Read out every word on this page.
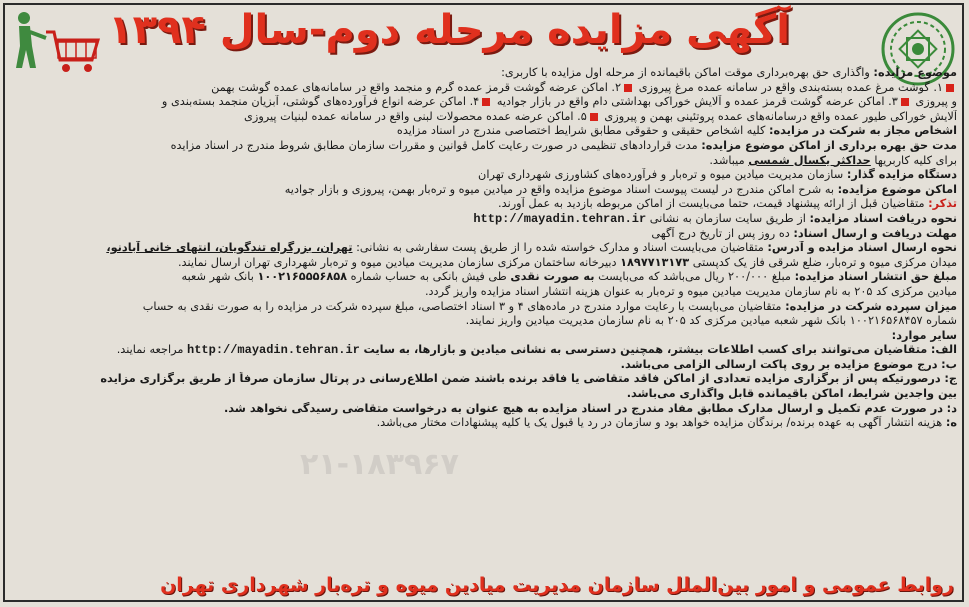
آگهی مزایده مرحله دوم-سال ۱۳۹۴
۲۱-۱۸۳۹۶۷

موضوع مزایده: واگذاری حق بهره‌برداری موقت اماکن باقیمانده از مرحله اول مزایده با کاربری:

۱. گوشت مرغ عمده بسته‌بندی واقع در سامانه عمده مرغ پیروزی ۲. اماکن عرضه گوشت قرمز عمده گرم و منجمد واقع در سامانه‌های عمده گوشت بهمن

و پیروزی ۳. اماکن عرضه گوشت قرمز عمده و آلایش خوراکی بهداشتی دام واقع در بازار جوادیه ۴. اماکن عرضه انواع فرآورده‌های گوشتی، آبزیان منجمد بسته‌بندی و

آلایش خوراکی طیور عمده واقع درسامانه‌های عمده پروتئینی بهمن و پیروزی ۵. اماکن عرضه عمده محصولات لبنی واقع در سامانه عمده لبنیات پیروزی

اشخاص مجاز به شرکت در مزایده: کلیه اشخاص حقیقی و حقوقی مطابق شرایط اختصاصی مندرج در اسناد مزایده

مدت حق بهره برداری از اماکن موضوع مزایده: مدت قراردادهای تنظیمی در صورت رعایت کامل قوانین و مقررات سازمان مطابق شروط مندرج در اسناد مزایده

برای کلیه کاربریها حداکثر یکسال شمسی میباشد.

دستگاه مزایده گذار: سازمان مدیریت میادین میوه و تره‌بار و فرآورده‌های کشاورزی شهرداری تهران

اماکن موضوع مزایده: به شرح اماکن مندرج در لیست پیوست اسناد موضوع مزایده واقع در میادین میوه و تره‌بار بهمن، پیروزی و بازار جوادیه

تذکر: متقاضیان قبل از ارائه پیشنهاد قیمت، حتما می‌بایست از اماکن مربوطه بازدید به عمل آورند.

نحوه دریافت اسناد مزایده: از طریق سایت سازمان به نشانی http://mayadin.tehran.ir

مهلت دریافت و ارسال اسناد: ده روز پس از تاریخ درج آگهی

نحوه ارسال اسناد مزایده و آدرس: متقاضیان می‌بایست اسناد و مدارک خواسته شده را از طریق پست سفارشی به نشانی: تهران، بزرگراه تندگویان، انتهای خانی آبادنو،

میدان مرکزی میوه و تره‌بار، ضلع شرقی فاز یک کدپستی ۱۸۹۷۷۱۳۱۷۳ دبیرخانه ساختمان مرکزی سازمان مدیریت میادین میوه و تره‌بار شهرداری تهران ارسال نمایند.

مبلغ حق انتشار اسناد مزایده: مبلغ ۲۰۰/۰۰۰ ریال می‌باشد که می‌بایست به صورت نقدی طی فیش بانکی به حساب شماره ۱۰۰۲۱۶۵۵۵۶۸۵۸ بانک شهر شعبه

میادین مرکزی کد ۲۰۵ به نام سازمان مدیریت میادین میوه و تره‌بار به عنوان هزینه انتشار اسناد مزایده واریز گردد.

میزان سپرده شرکت در مزایده: متقاضیان می‌بایست با رعایت موارد مندرج در ماده‌های ۴ و ۳ اسناد اختصاصی، مبلغ سپرده شرکت در مزایده را به صورت نقدی به حساب

شماره ۱۰۰۲۱۶۵۶۸۴۵۷ بانک شهر شعبه میادین مرکزی کد ۲۰۵ به نام سازمان مدیریت میادین واریز نمایند.

سایر موارد:

الف: متقاضیان می‌توانند برای کسب اطلاعات بیشتر، همچنین دسترسی به نشانی میادین و بازارها، به سایت http://mayadin.tehran.ir مراجعه نمایند.

ب: درج موضوع مزایده بر روی پاکت ارسالی الزامی می‌باشد.

ج: درصورتیکه پس از برگزاری مزایده تعدادی از اماکن فاقد متقاضی یا فاقد برنده باشند ضمن اطلاع‌رسانی در پرتال سازمان صرفاً از طریق برگزاری مزایده

بین واجدین شرایط، اماکن باقیمانده قابل واگذاری می‌باشد.

د: در صورت عدم تکمیل و ارسال مدارک مطابق مفاد مندرج در اسناد مزایده به هیچ عنوان به درخواست متقاضی رسیدگی نخواهد شد.

ه: هزینه انتشار آگهی به عهده برنده/ برندگان مزایده خواهد بود و سازمان در رد یا قبول یک یا کلیه پیشنهادات مختار می‌باشد.

روابط عمومی و امور بین‌الملل سازمان مدیریت میادین میوه و تره‌بار شهرداری تهران
